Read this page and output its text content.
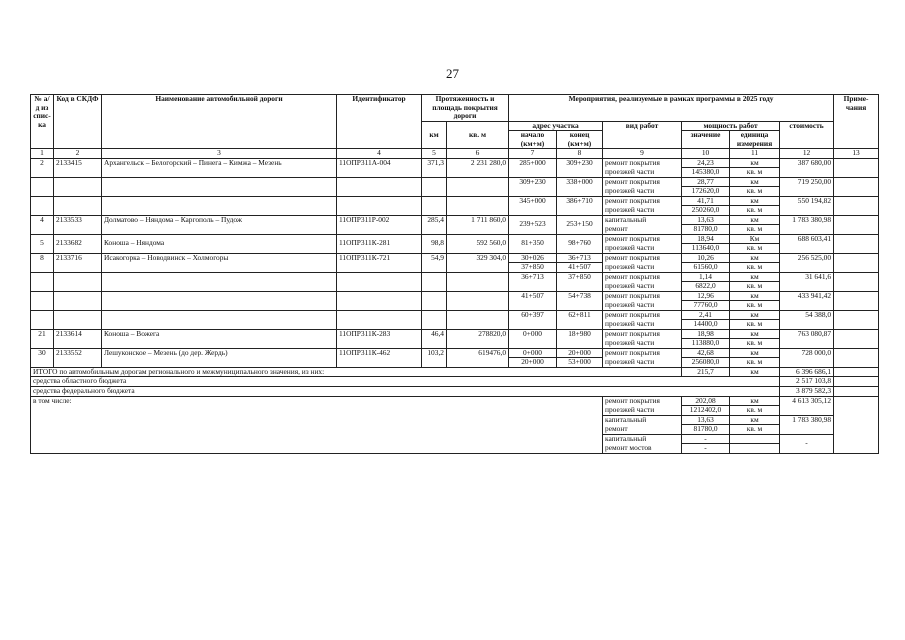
27
№ а/д из спис-ка	Код в СКДФ	Наименование автомобильной дороги	Идентификатор	Протяженность и площадь покрытия дороги		Мероприятия, реализуемые в рамках программы в 2025 году						Приме-чания
				км	кв. м	адрес участка		вид работ	мощность работ		стоимость	
						начало (км+м)	конец (км+м)		значение	единица измерения		
1	2	3	4	5	6	7	8	9	10	11	12	13
2	2133415	Архангельск – Белогорский – Пинега – Кимжа – Мезень	11ОПР311А-004	371,3	2 231 280,0	285+000	309+230	ремонт покрытия	24,23	км	387 680,00	
								проезжей части	145380,0	кв. м		
						309+230	338+000	ремонт покрытия	28,77	км	719 250,00	
								проезжей части	172620,0	кв. м		
						345+000	386+710	ремонт покрытия	41,71	км	550 194,82	
								проезжей части	250260,0	кв. м		
4	2133533	Долматово – Няндома – Каргополь – Пудож	11ОПР311Р-002	285,4	1 711 860,0	239+523	253+150	капитальный	13,63	км	1 783 380,98	
								ремонт	81780,0	кв. м		
5	2133682	Коноша – Няндома	11ОПР311К-281	98,8	592 560,0	81+350	98+760	ремонт покрытия	18,94	Км	688 603,41	
								проезжей части	113640,0	кв. м		
8	2133716	Исакогорка – Новодвинск – Холмогоры	11ОПР311К-721	54,9	329 304,0	30+026	36+713	ремонт покрытия	10,26	км	256 525,00	
						37+850	41+507	проезжей части	61560,0	кв. м		
						36+713	37+850	ремонт покрытия	1,14	км	31 641,6	
								проезжей части	6822,0	кв. м		
						41+507	54+738	ремонт покрытия	12,96	км	433 941,42	
								проезжей части	77760,0	кв. м		
						60+397	62+811	ремонт покрытия	2,41	км	54 388,0	
								проезжей части	14400,0	кв. м		
21	2133614	Коноша – Вожега	11ОПР311К-283	46,4	278820,0	0+000	18+980	ремонт покрытия	18,98	км	763 080,87	
								проезжей части	113880,0	кв. м		
30	2133552	Лешуконское – Мезень (до дер. Жердь)	11ОПР311К-462	103,2	619476,0	0+000	20+000	ремонт покрытия	42,68	км	728 000,0	
						20+000	53+000	проезжей части	256080,0	кв. м		
ИТОГО по автомобильным дорогам регионального и межмуниципального значения, из них:									215,7	км	6 396 686,1	
средства областного бюджета											2 517 103,8	
средства федерального бюджета											3 879 582,3	
в том числе:								ремонт покрытия	202,08	км	4 613 305,12	
								проезжей части	1212402,0	кв. м		
								капитальный	13,63	км	1 783 380,98	
								ремонт	81780,0	кв. м		
								капитальный	-		-	
								ремонт мостов	-			
